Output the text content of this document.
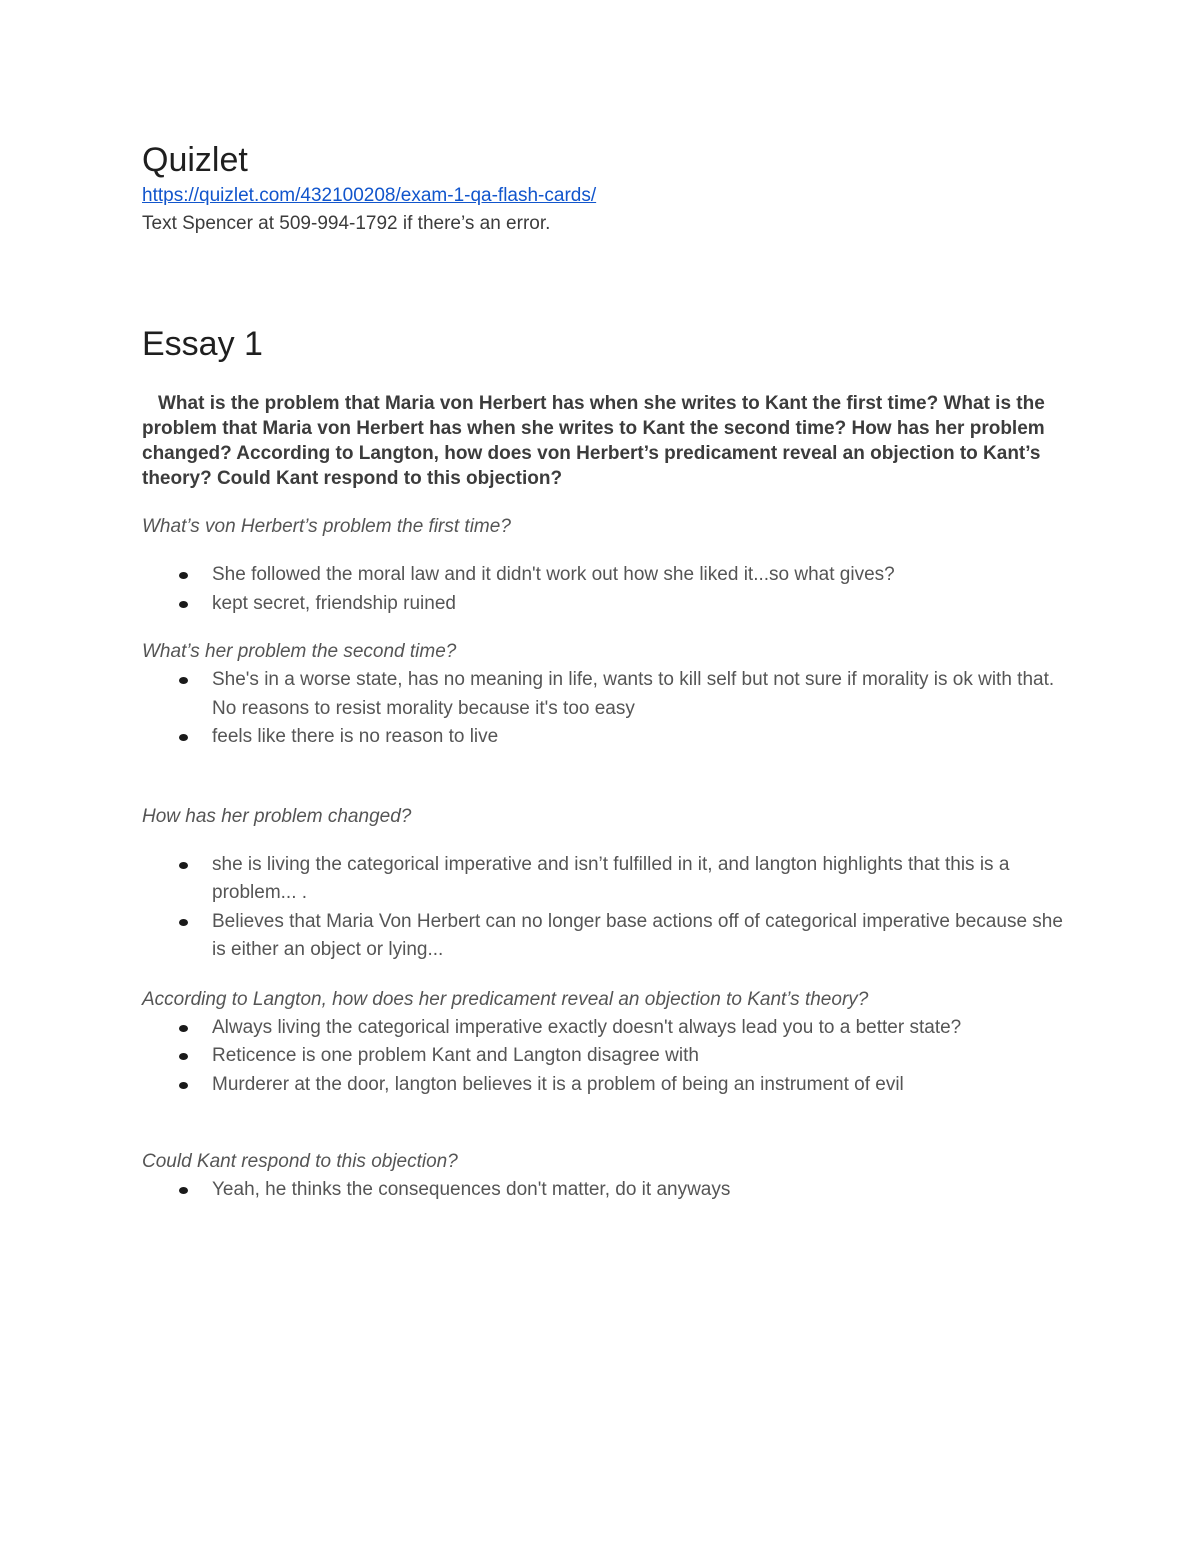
Quizlet
https://quizlet.com/432100208/exam-1-qa-flash-cards/

Text Spencer at 509-994-1792 if there’s an error.

Essay 1

What is the problem that Maria von Herbert has when she writes to Kant the first time? What is the problem that Maria von Herbert has when she writes to Kant the second time? How has her problem changed? According to Langton, how does von Herbert’s predicament reveal an objection to Kant’s theory? Could Kant respond to this objection?

What’s von Herbert’s problem the first time?

She followed the moral law and it didn't work out how she liked it...so what gives?
kept secret, friendship ruined

What’s her problem the second time?

She's in a worse state, has no meaning in life, wants to kill self but not sure if morality is ok with that. No reasons to resist morality because it's too easy
feels like there is no reason to live

How has her problem changed?

she is living the categorical imperative and isn’t fulfilled in it, and langton highlights that this is a problem... .
Believes that Maria Von Herbert can no longer base actions off of categorical imperative because she is either an object or lying...

According to Langton, how does her predicament reveal an objection to Kant’s theory?

Always living the categorical imperative exactly doesn't always lead you to a better state?
Reticence is one problem Kant and Langton disagree with
Murderer at the door, langton believes it is a problem of being an instrument of evil

Could Kant respond to this objection?

Yeah, he thinks the consequences don't matter, do it anyways
